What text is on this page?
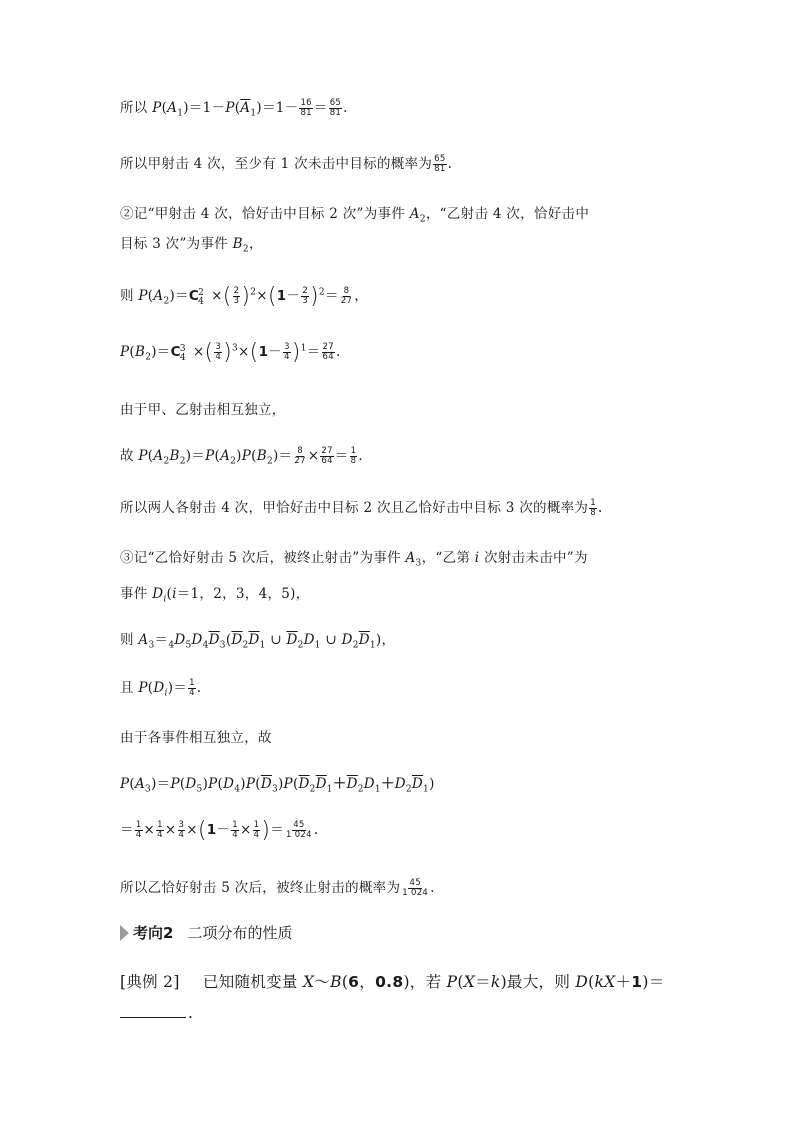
所以 $P(A_1)=1-P(\overline{A}_1)=1- \frac{16}{81} = \frac{65}{81}$ .
所以甲射击 4 次，至少有 1 次未击中目标的概率为 $\frac{65}{81}$ .
②记“甲射击 4 次，恰好击中目标 2 次”为事件 $A_2$，“乙射击 4 次，恰好击中
目标 3 次”为事件 $B_2$，
则 $P(A_2)=C^2_4$ ×( $\frac{2}{3} )^2\times(1- \frac{2}{3} )^2= \frac{8}{27}$ ，
$P(B_2)=C^3_4$ ×( $\frac{3}{4} )^3\times(1- \frac{3}{4} )^1= \frac{27}{64}$ .
由于甲、乙射击相互独立，
故 $P(A_2B_2)=P(A_2)P(B_2)= \frac{8}{27} \times \frac{27}{64} = \frac{1}{8}$ .
所以两人各射击 4 次，甲恰好击中目标 2 次且乙恰好击中目标 3 次的概率为 $\frac{1}{8}$ .
③记“乙恰好射击 5 次后，被终止射击”为事件 $A_3$，“乙第 i 次射击未击中”为
事件 $D_i(i=1$，2，3，4，5)，
则 $A_3=_4D_5D_4\overline{D}_3(\overline{D}_2\overline{D}_1$ ∪ $\overline{D}_2D_1$ ∪ $D_2\overline{D}_1$)，
且 $P(D_i)= \frac{1}{4}$ .
由于各事件相互独立，故
$P(A_3)=P(D_5)P(D_4)P(\overline{D}_3)P(\overline{D}_2\overline{D}_1+\overline{D}_2D_1+D_2\overline{D}_1)$
＝ $\frac{1}{4} \times \frac{1}{4} \times \frac{3}{4} \times(1- \frac{1}{4} \times \frac{1}{4}$ )＝ $\frac{45}{1 024}$ .
所以乙恰好射击 5 次后，被终止射击的概率为 $\frac{45}{1 024}$ .
考向2 二项分布的性质
[典例 2] 已知随机变量 X～B(6，0.8)，若 P(X＝k)最大，则 D(kX＋1)＝
.
